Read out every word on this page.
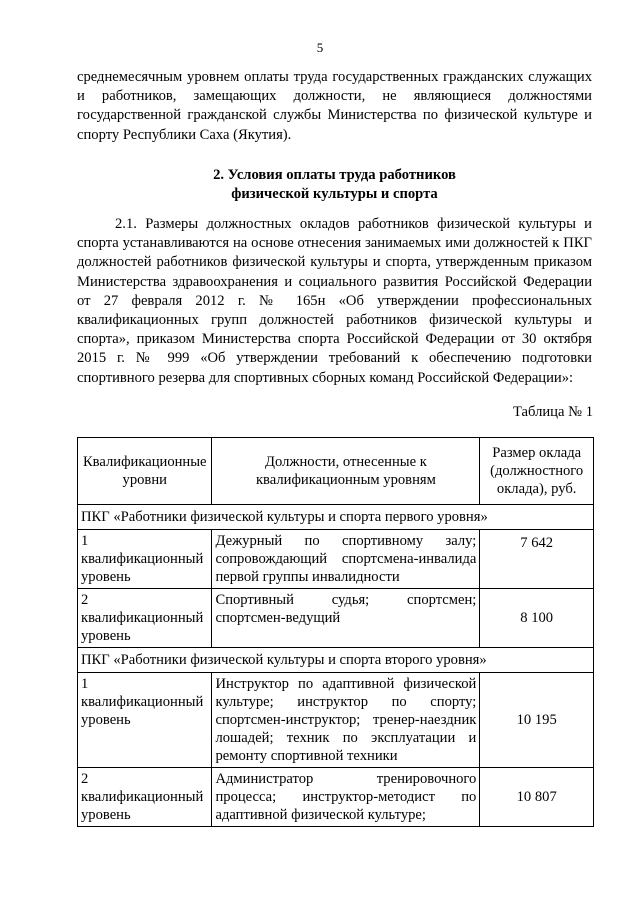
5

среднемесячным уровнем оплаты труда государственных гражданских служащих и работников, замещающих должности, не являющиеся должностями государственной гражданской службы Министерства по физической культуре и спорту Республики Саха (Якутия).

2. Условия оплаты труда работников
физической культуры и спорта

2.1. Размеры должностных окладов работников физической культуры и спорта устанавливаются на основе отнесения занимаемых ими должностей к ПКГ должностей работников физической культуры и спорта, утвержденным приказом Министерства здравоохранения и социального развития Российской Федерации от 27 февраля 2012 г. № 165н «Об утверждении профессиональных квалификационных групп должностей работников физической культуры и спорта», приказом Министерства спорта Российской Федерации от 30 октября 2015 г. № 999 «Об утверждении требований к обеспечению подготовки спортивного резерва для спортивных сборных команд Российской Федерации»:

Таблица № 1
Квалификационные уровни	Должности, отнесенные к квалификационным уровням	Размер оклада (должностного оклада), руб.
ПКГ «Работники физической культуры и спорта первого уровня»		
1 квалификационный уровень	Дежурный по спортивному залу; сопровождающий спортсмена-инвалида первой группы инвалидности	7 642
2 квалификационный уровень	Спортивный судья; спортсмен; спортсмен-ведущий	8 100
ПКГ «Работники физической культуры и спорта второго уровня»		
1 квалификационный уровень	Инструктор по адаптивной физической культуре; инструктор по спорту; спортсмен-инструктор; тренер-наездник лошадей; техник по эксплуатации и ремонту спортивной техники	10 195
2 квалификационный уровень	Администратор тренировочного процесса; инструктор-методист по адаптивной физической культуре;	10 807
